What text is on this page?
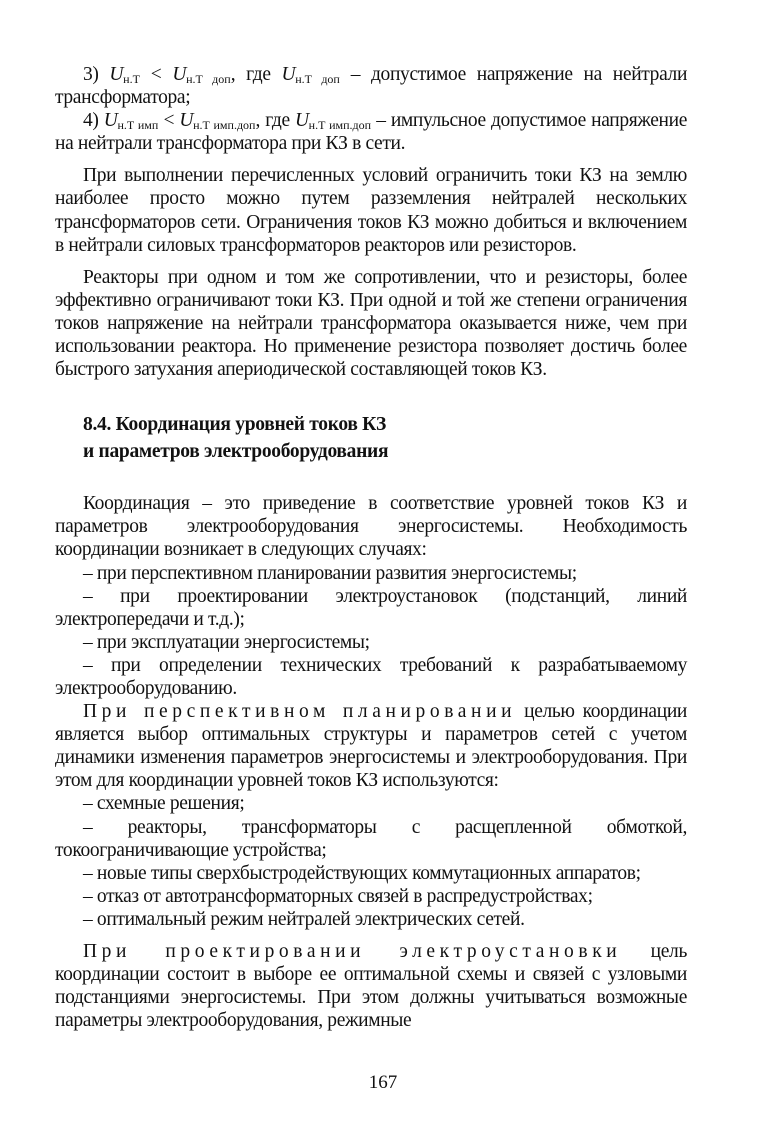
3) $U_{н.Т} < U_{н.Т доп}$, где $U_{н.Т доп}$ – допустимое напряжение на нейтрали трансформатора;

4) $U_{н.Т имп} < U_{н.Т имп.доп}$, где $U_{н.Т имп.доп}$ – импульсное допустимое напряжение на нейтрали трансформатора при КЗ в сети.

При выполнении перечисленных условий ограничить токи КЗ на землю наиболее просто можно путем разземления нейтралей нескольких трансформаторов сети. Ограничения токов КЗ можно добиться и включением в нейтрали силовых трансформаторов реакторов или резисторов.

Реакторы при одном и том же сопротивлении, что и резисторы, более эффективно ограничивают токи КЗ. При одной и той же степени ограничения токов напряжение на нейтрали трансформатора оказывается ниже, чем при использовании реактора. Но применение резистора позволяет достичь более быстрого затухания апериодической составляющей токов КЗ.

8.4. Координация уровней токов КЗ
и параметров электрооборудования

Координация – это приведение в соответствие уровней токов КЗ и параметров электрооборудования энергосистемы. Необходимость координации возникает в следующих случаях:

– при перспективном планировании развития энергосистемы;

– при проектировании электроустановок (подстанций, линий электропередачи и т.д.);

– при эксплуатации энергосистемы;

– при определении технических требований к разрабатываемому электрооборудованию.

При перспективном планировании целью координации является выбор оптимальных структуры и параметров сетей с учетом динамики изменения параметров энергосистемы и электрооборудования. При этом для координации уровней токов КЗ используются:

– схемные решения;

– реакторы, трансформаторы с расщепленной обмоткой, токоограничивающие устройства;

– новые типы сверхбыстродействующих коммутационных аппаратов;

– отказ от автотрансформаторных связей в распредустройствах;

– оптимальный режим нейтралей электрических сетей.

При проектировании электроустановки цель координации состоит в выборе ее оптимальной схемы и связей с узловыми подстанциями энергосистемы. При этом должны учитываться возможные параметры электрооборудования, режимные

167
